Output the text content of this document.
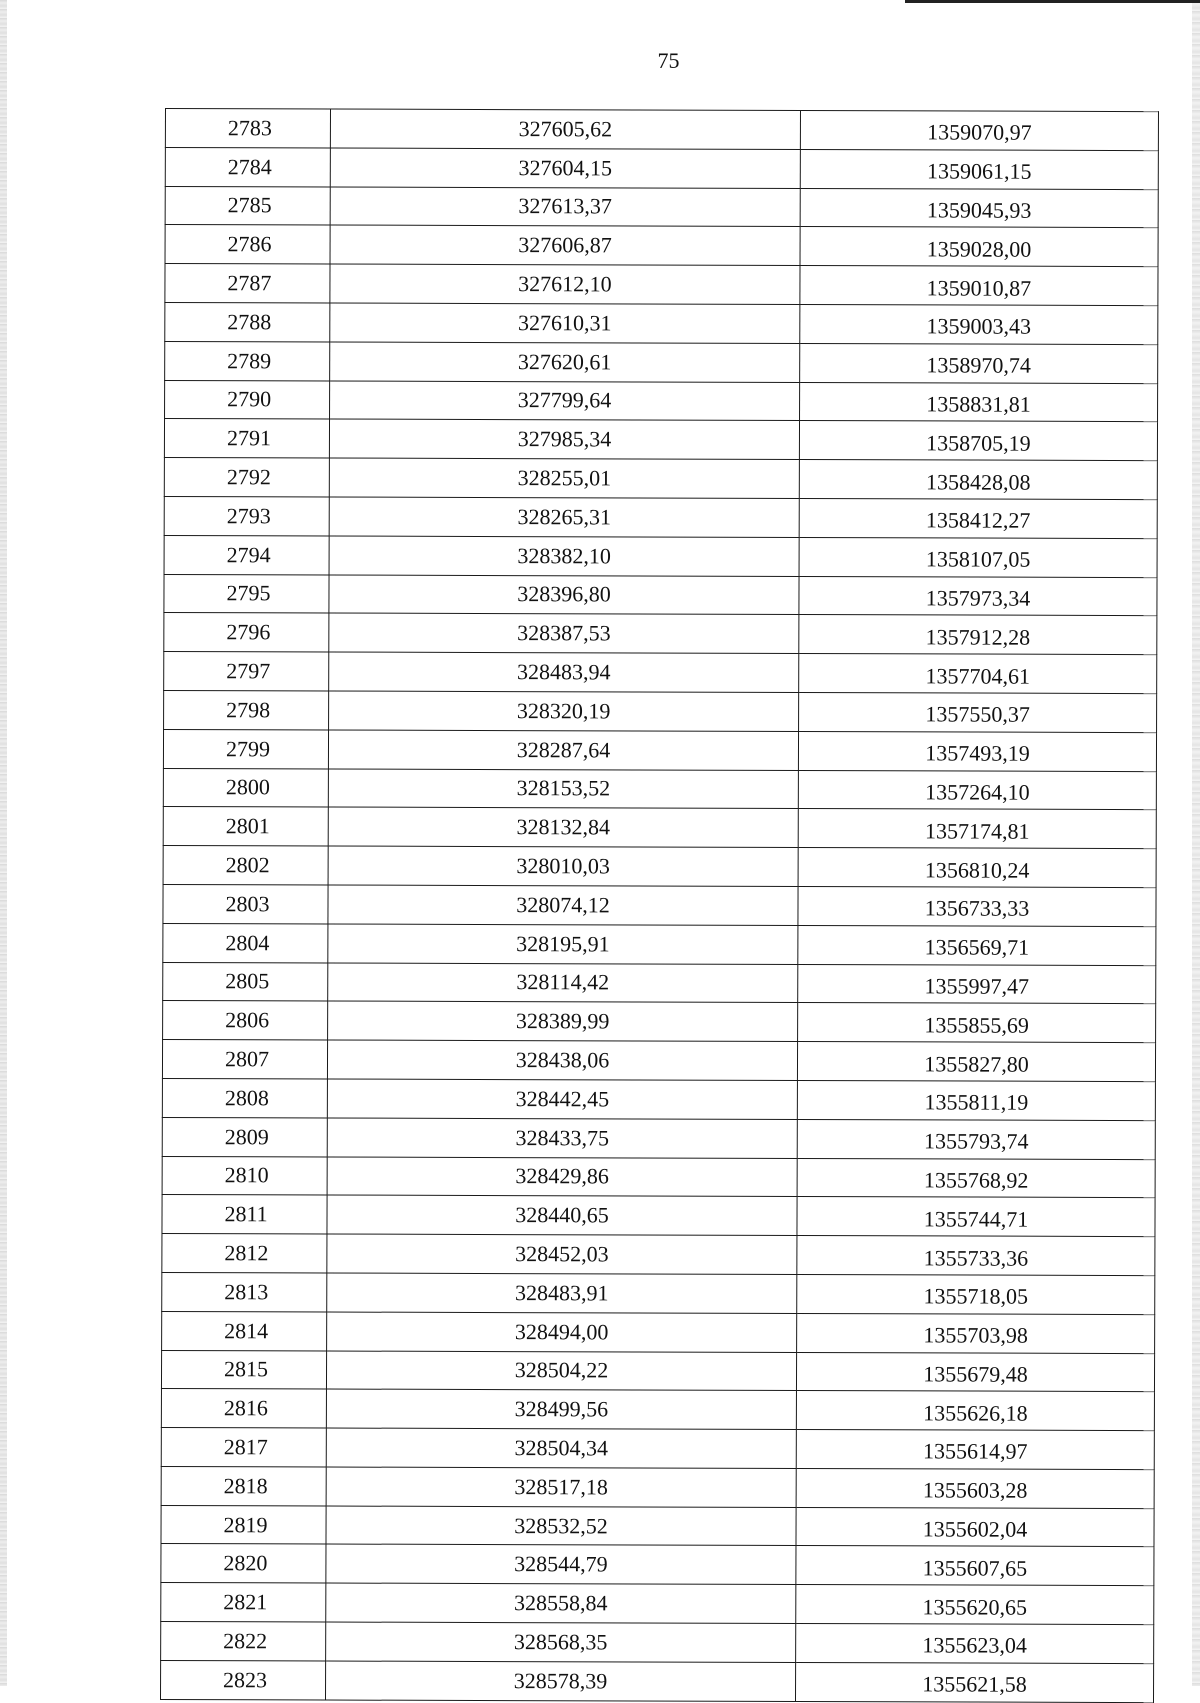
75
2783	327605,62	1359070,97
2784	327604,15	1359061,15
2785	327613,37	1359045,93
2786	327606,87	1359028,00
2787	327612,10	1359010,87
2788	327610,31	1359003,43
2789	327620,61	1358970,74
2790	327799,64	1358831,81
2791	327985,34	1358705,19
2792	328255,01	1358428,08
2793	328265,31	1358412,27
2794	328382,10	1358107,05
2795	328396,80	1357973,34
2796	328387,53	1357912,28
2797	328483,94	1357704,61
2798	328320,19	1357550,37
2799	328287,64	1357493,19
2800	328153,52	1357264,10
2801	328132,84	1357174,81
2802	328010,03	1356810,24
2803	328074,12	1356733,33
2804	328195,91	1356569,71
2805	328114,42	1355997,47
2806	328389,99	1355855,69
2807	328438,06	1355827,80
2808	328442,45	1355811,19
2809	328433,75	1355793,74
2810	328429,86	1355768,92
2811	328440,65	1355744,71
2812	328452,03	1355733,36
2813	328483,91	1355718,05
2814	328494,00	1355703,98
2815	328504,22	1355679,48
2816	328499,56	1355626,18
2817	328504,34	1355614,97
2818	328517,18	1355603,28
2819	328532,52	1355602,04
2820	328544,79	1355607,65
2821	328558,84	1355620,65
2822	328568,35	1355623,04
2823	328578,39	1355621,58
